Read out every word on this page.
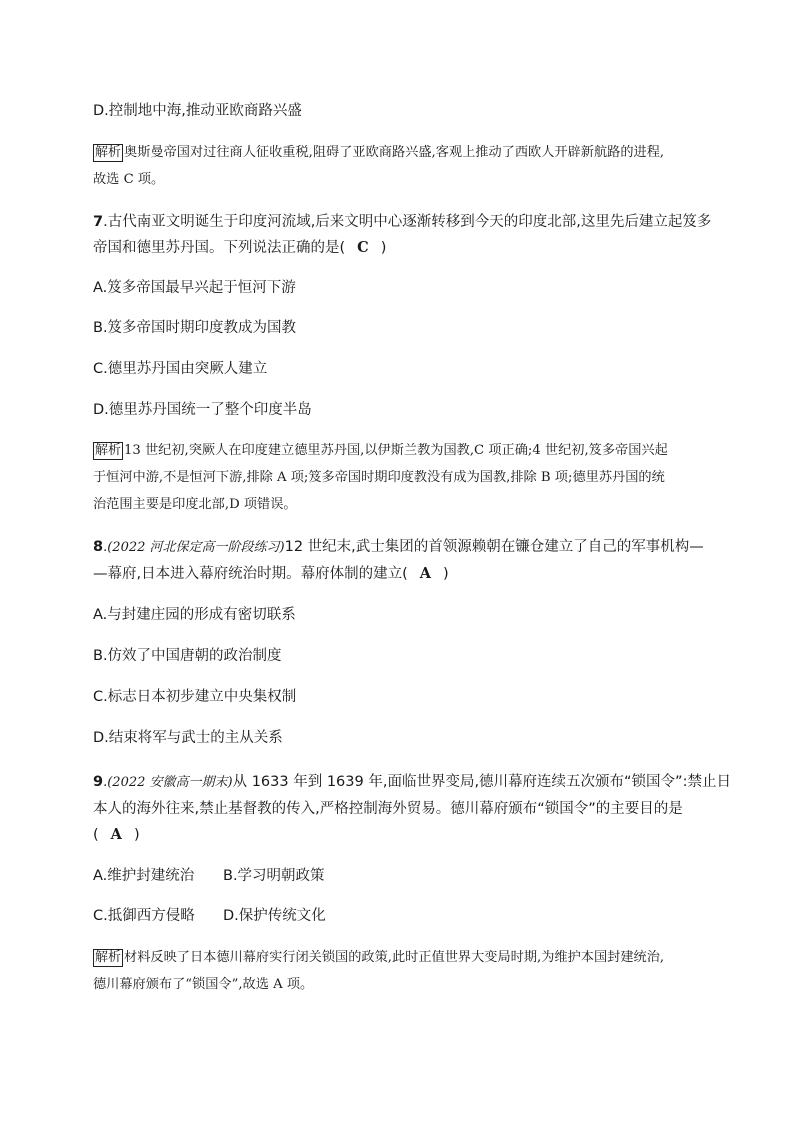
D.控制地中海,推动亚欧商路兴盛
解析 奥斯曼帝国对过往商人征收重税,阻碍了亚欧商路兴盛,客观上推动了西欧人开辟新航路的进程,
故选 C 项。
7.古代南亚文明诞生于印度河流域,后来文明中心逐渐转移到今天的印度北部,这里先后建立起笈多
帝国和德里苏丹国。下列说法正确的是( C )
A.笈多帝国最早兴起于恒河下游
B.笈多帝国时期印度教成为国教
C.德里苏丹国由突厥人建立
D.德里苏丹国统一了整个印度半岛
解析 13 世纪初,突厥人在印度建立德里苏丹国,以伊斯兰教为国教,C 项正确;4 世纪初,笈多帝国兴起
于恒河中游,不是恒河下游,排除 A 项;笈多帝国时期印度教没有成为国教,排除 B 项;德里苏丹国的统
治范围主要是印度北部,D 项错误。
8.(2022 河北保定高一阶段练习)12 世纪末,武士集团的首领源赖朝在镰仓建立了自己的军事机构—
—幕府,日本进入幕府统治时期。幕府体制的建立( A )
A.与封建庄园的形成有密切联系
B.仿效了中国唐朝的政治制度
C.标志日本初步建立中央集权制
D.结束将军与武士的主从关系
9.(2022 安徽高一期末)从 1633 年到 1639 年,面临世界变局,德川幕府连续五次颁布“锁国令”:禁止日
本人的海外往来,禁止基督教的传入,严格控制海外贸易。德川幕府颁布“锁国令”的主要目的是
( A )
A.维护封建统治 B.学习明朝政策
C.抵御西方侵略 D.保护传统文化
解析 材料反映了日本德川幕府实行闭关锁国的政策,此时正值世界大变局时期,为维护本国封建统治,
德川幕府颁布了“锁国令”,故选 A 项。
